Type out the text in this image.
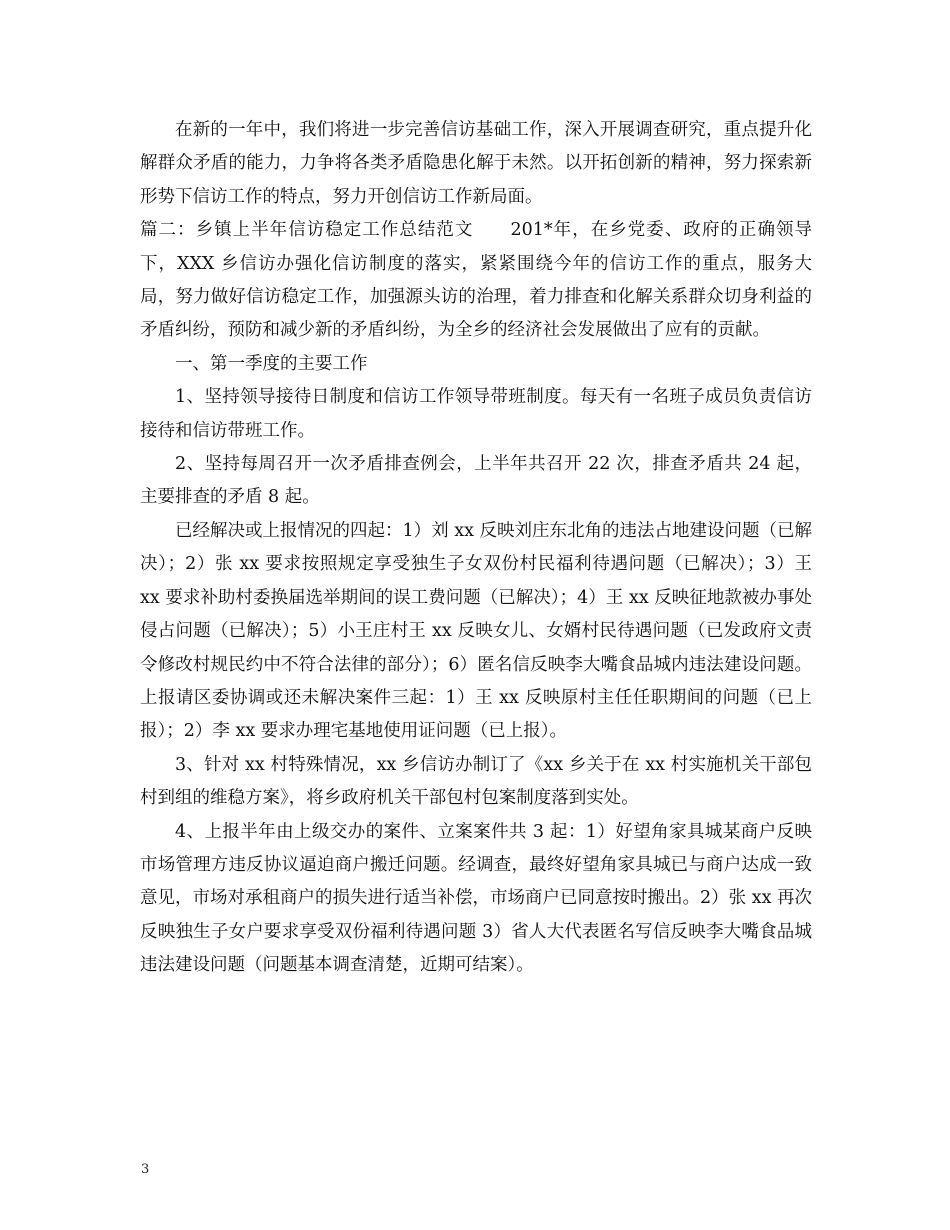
在新的一年中，我们将进一步完善信访基础工作，深入开展调查研究，重点提升化解群众矛盾的能力，力争将各类矛盾隐患化解于未然。以开拓创新的精神，努力探索新形势下信访工作的特点，努力开创信访工作新局面。

篇二：乡镇上半年信访稳定工作总结范文　　201*年，在乡党委、政府的正确领导下，XXX 乡信访办强化信访制度的落实，紧紧围绕今年的信访工作的重点，服务大局，努力做好信访稳定工作，加强源头访的治理，着力排查和化解关系群众切身利益的矛盾纠纷，预防和减少新的矛盾纠纷，为全乡的经济社会发展做出了应有的贡献。

一、第一季度的主要工作

1、坚持领导接待日制度和信访工作领导带班制度。每天有一名班子成员负责信访接待和信访带班工作。

2、坚持每周召开一次矛盾排查例会，上半年共召开 22 次，排查矛盾共 24 起，主要排查的矛盾 8 起。

已经解决或上报情况的四起：1）刘 xx 反映刘庄东北角的违法占地建设问题（已解决）；2）张 xx 要求按照规定享受独生子女双份村民福利待遇问题（已解决）；3）王 xx 要求补助村委换届选举期间的误工费问题（已解决）；4）王 xx 反映征地款被办事处侵占问题（已解决）；5）小王庄村王 xx 反映女儿、女婿村民待遇问题（已发政府文责令修改村规民约中不符合法律的部分）；6）匿名信反映李大嘴食品城内违法建设问题。 上报请区委协调或还未解决案件三起：1）王 xx 反映原村主任任职期间的问题（已上报）；2）李 xx 要求办理宅基地使用证问题（已上报）。

3、针对 xx 村特殊情况，xx 乡信访办制订了《xx 乡关于在 xx 村实施机关干部包村到组的维稳方案》，将乡政府机关干部包村包案制度落到实处。

4、上报半年由上级交办的案件、立案案件共 3 起：1）好望角家具城某商户反映市场管理方违反协议逼迫商户搬迁问题。经调查，最终好望角家具城已与商户达成一致意见，市场对承租商户的损失进行适当补偿，市场商户已同意按时搬出。2）张 xx 再次反映独生子女户要求享受双份福利待遇问题 3）省人大代表匿名写信反映李大嘴食品城违法建设问题（问题基本调查清楚，近期可结案）。

3
